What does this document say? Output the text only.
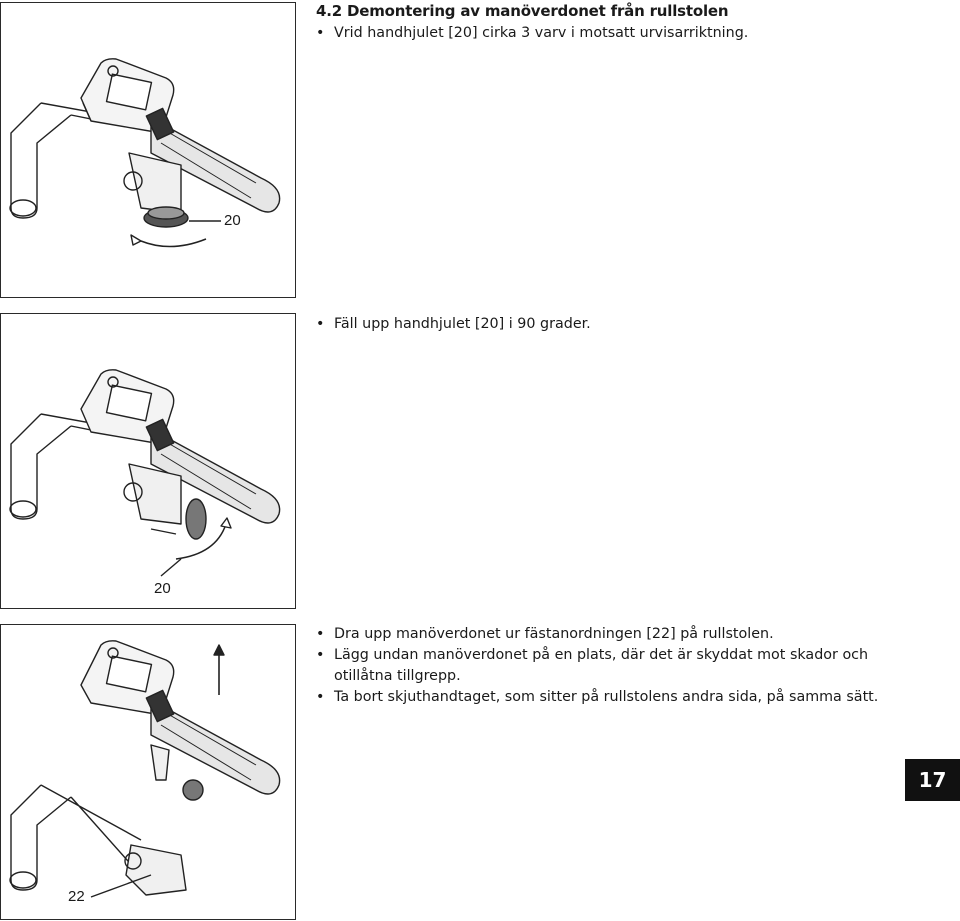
4.2 Demontering av manöverdonet från rullstolen
• Vrid handhjulet [20] cirka 3 varv i motsatt urvisarriktning.
• Fäll upp handhjulet [20] i 90 grader.
• Dra upp manöverdonet ur fästanordningen [22] på rullstolen.
• Lägg undan manöverdonet på en plats, där det är skyddat mot skador och otillåtna tillgrepp.
• Ta bort skjuthandtaget, som sitter på rullstolens andra sida, på samma sätt.
20
20
22
17
